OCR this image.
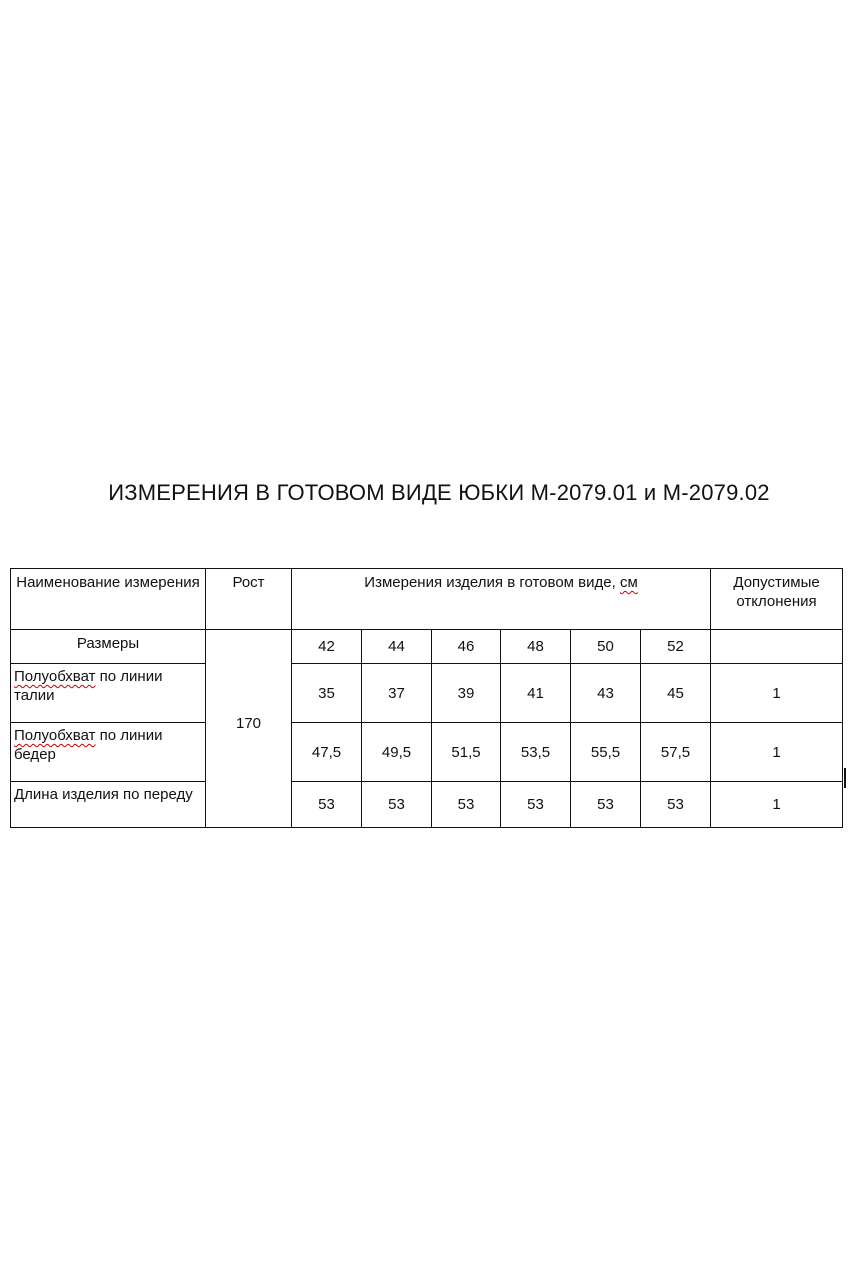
ИЗМЕРЕНИЯ В ГОТОВОМ ВИДЕ ЮБКИ М-2079.01 и М-2079.02
Наименование измерения	Рост	Измерения изделия в готовом виде, см						Допустимые отклонения
Размеры	170	42	44	46	48	50	52	
Полуобхват по линии талии		35	37	39	41	43	45	1
Полуобхват по линии бедер		47,5	49,5	51,5	53,5	55,5	57,5	1
Длина изделия по переду		53	53	53	53	53	53	1
